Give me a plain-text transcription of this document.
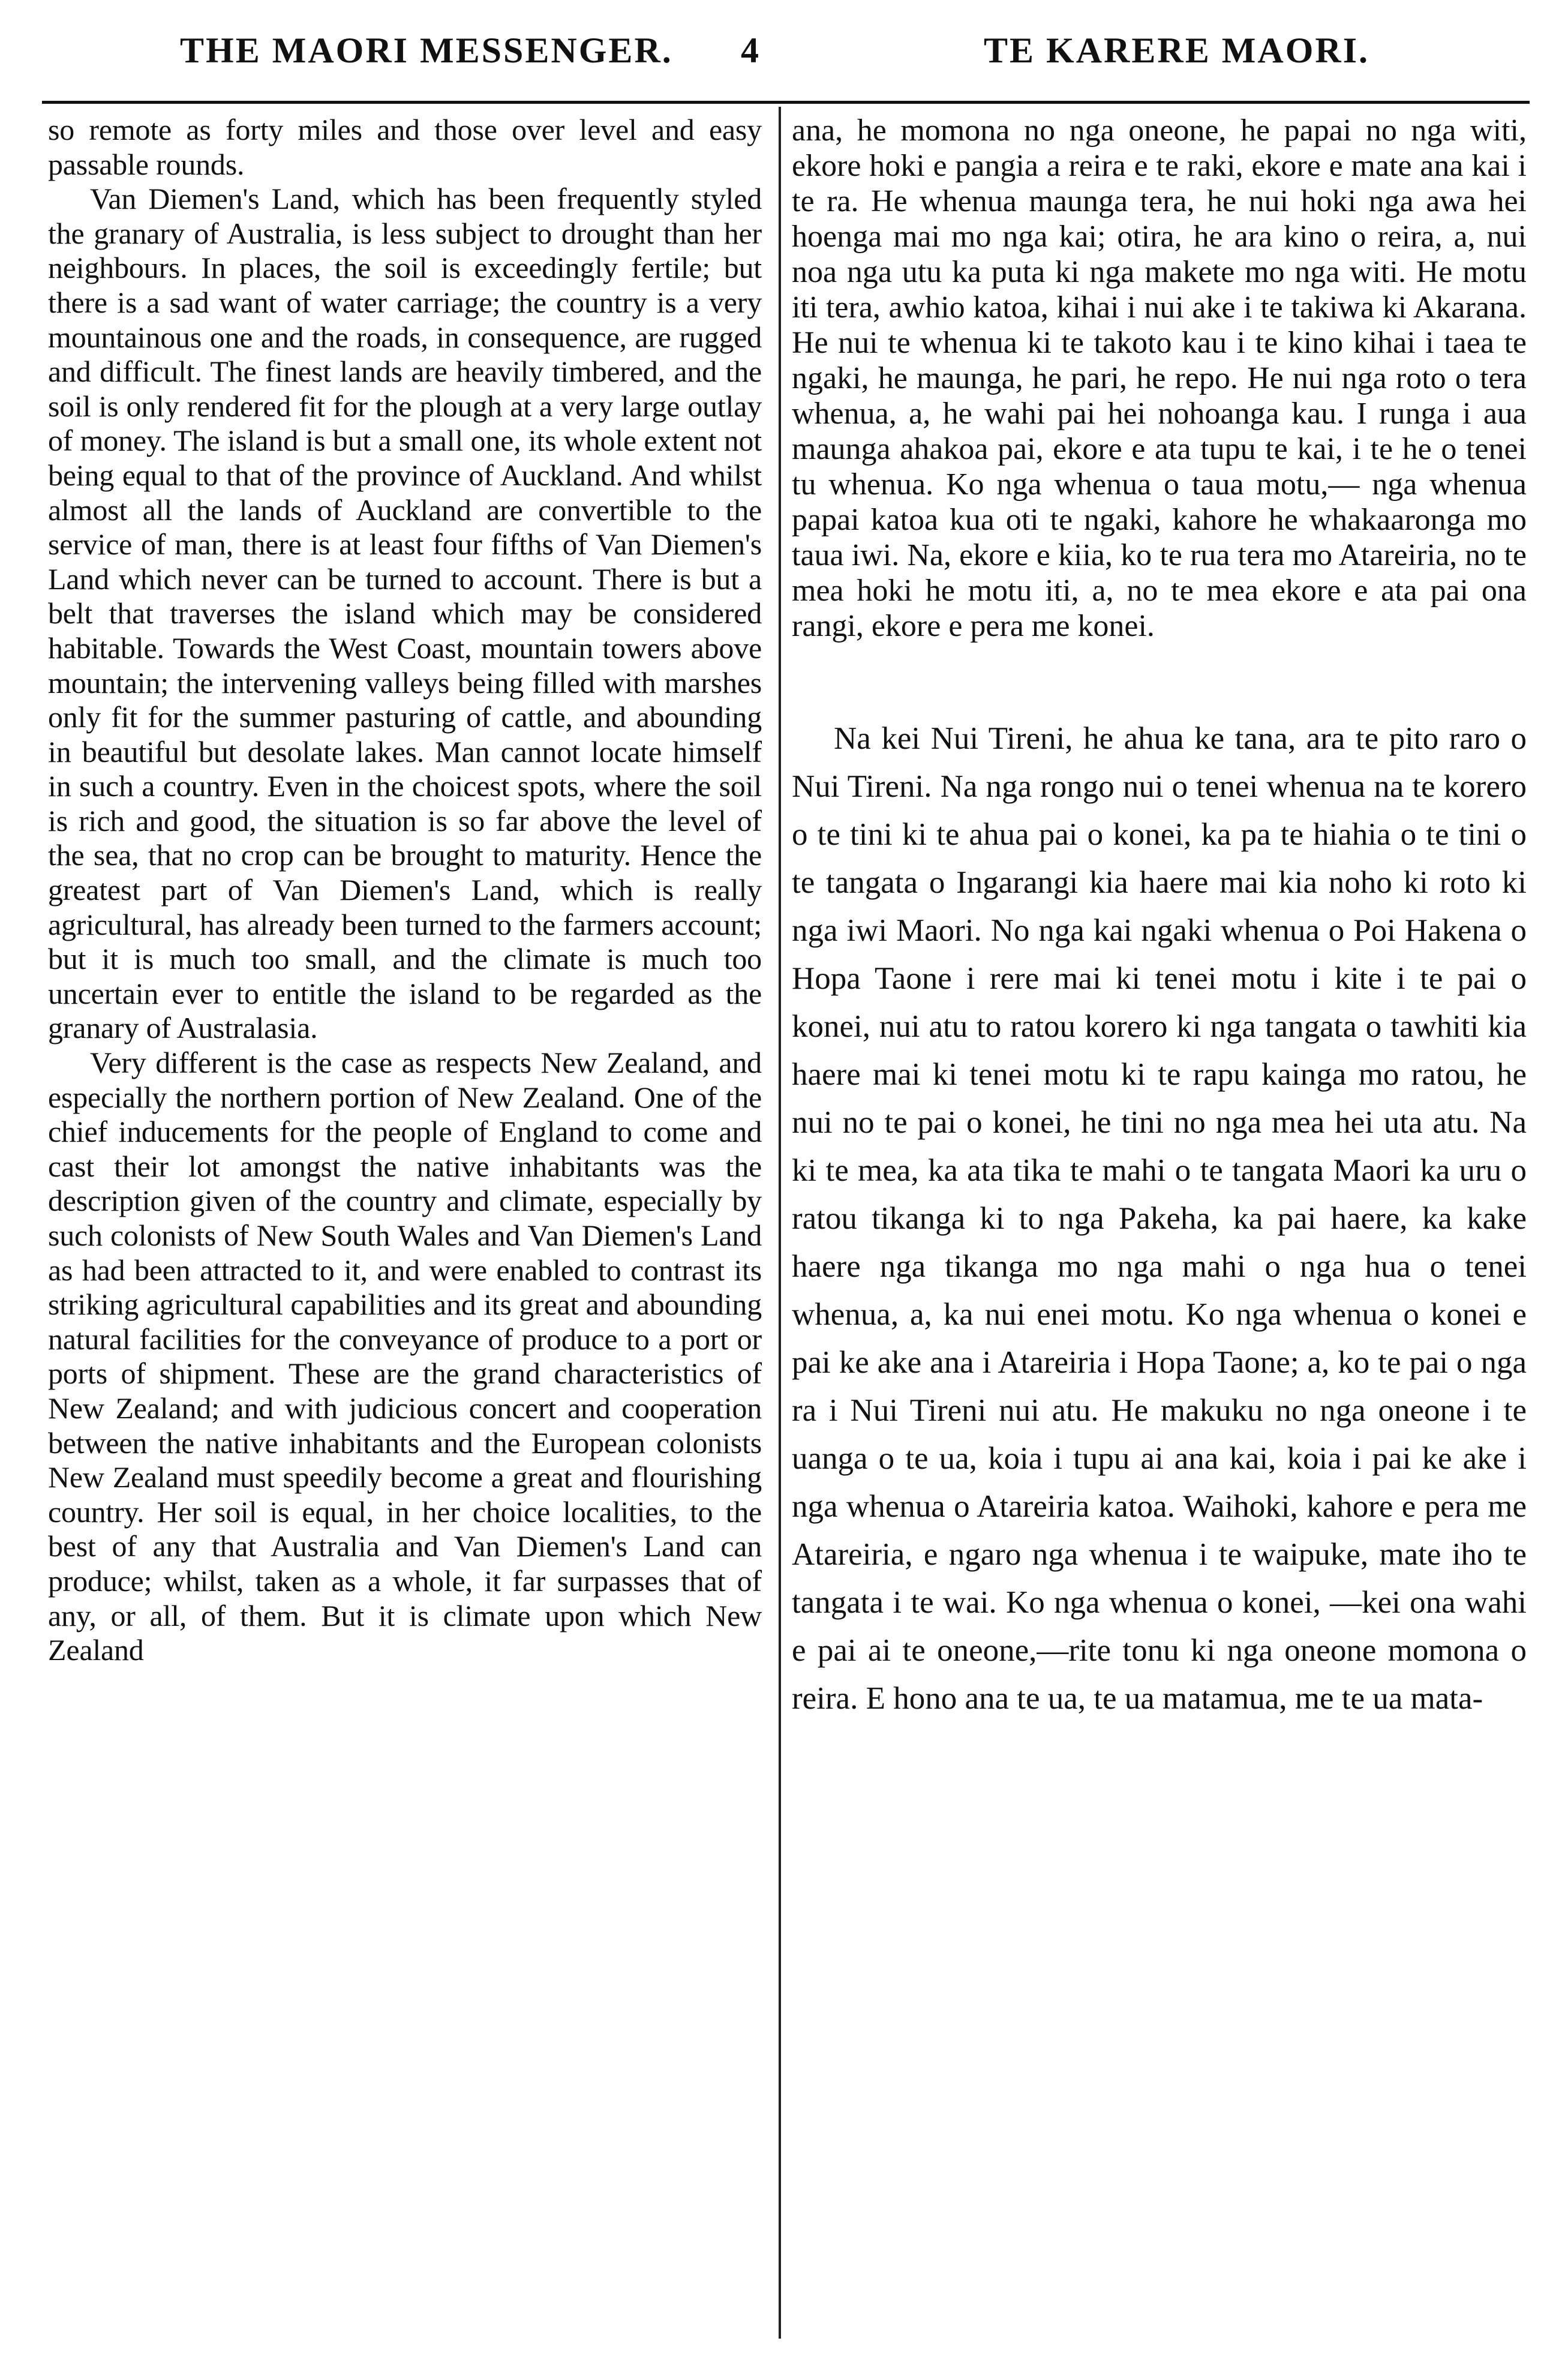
THE MAORI MESSENGER. 4	TE KARERE MAORI.

so remote as forty miles and those over level and easy passable rounds.

Van Diemen's Land, which has been frequently styled the granary of Australia, is less subject to drought than her neighbours. In places, the soil is exceedingly fertile; but there is a sad want of water carriage; the country is a very mountainous one and the roads, in consequence, are rugged and difficult. The finest lands are heavily timbered, and the soil is only rendered fit for the plough at a very large outlay of money. The island is but a small one, its whole extent not being equal to that of the province of Auckland. And whilst almost all the lands of Auckland are convertible to the service of man, there is at least four fifths of Van Diemen's Land which never can be turned to account. There is but a belt that traverses the island which may be considered habitable. Towards the West Coast, mountain towers above mountain; the intervening valleys being filled with marshes only fit for the summer pasturing of cattle, and abounding in beautiful but desolate lakes. Man cannot locate himself in such a country. Even in the choicest spots, where the soil is rich and good, the situation is so far above the level of the sea, that no crop can be brought to maturity. Hence the greatest part of Van Diemen's Land, which is really agricultural, has already been turned to the farmers account; but it is much too small, and the climate is much too uncertain ever to entitle the island to be regarded as the granary of Australasia.

Very different is the case as respects New Zealand, and especially the northern portion of New Zealand. One of the chief inducements for the people of England to come and cast their lot amongst the native inhabitants was the description given of the country and climate, especially by such colonists of New South Wales and Van Diemen's Land as had been attracted to it, and were enabled to contrast its striking agricultural capabilities and its great and abounding natural facilities for the conveyance of produce to a port or ports of shipment. These are the grand characteristics of New Zealand; and with judicious concert and cooperation between the native inhabitants and the European colonists New Zealand must speedily become a great and flourishing country. Her soil is equal, in her choice localities, to the best of any that Australia and Van Diemen's Land can produce; whilst, taken as a whole, it far surpasses that of any, or all, of them. But it is climate upon which New Zealand

ana, he momona no nga oneone, he papai no nga witi, ekore hoki e pangia a reira e te raki, ekore e mate ana kai i te ra. He whenua maunga tera, he nui hoki nga awa hei hoenga mai mo nga kai; otira, he ara kino o reira, a, nui noa nga utu ka puta ki nga makete mo nga witi. He motu iti tera, awhio katoa, kihai i nui ake i te takiwa ki Akarana. He nui te whenua ki te takoto kau i te kino kihai i taea te ngaki, he maunga, he pari, he repo. He nui nga roto o tera whenua, a, he wahi pai hei nohoanga kau. I runga i aua maunga ahakoa pai, ekore e ata tupu te kai, i te he o tenei tu whenua. Ko nga whenua o taua motu,— nga whenua papai katoa kua oti te ngaki, kahore he whakaaronga mo taua iwi. Na, ekore e kiia, ko te rua tera mo Atareiria, no te mea hoki he motu iti, a, no te mea ekore e ata pai ona rangi, ekore e pera me konei.

Na kei Nui Tireni, he ahua ke tana, ara te pito raro o Nui Tireni. Na nga rongo nui o tenei whenua na te korero o te tini ki te ahua pai o konei, ka pa te hiahia o te tini o te tangata o Ingarangi kia haere mai kia noho ki roto ki nga iwi Maori. No nga kai ngaki whenua o Poi Hakena o Hopa Taone i rere mai ki tenei motu i kite i te pai o konei, nui atu to ratou korero ki nga tangata o tawhiti kia haere mai ki tenei motu ki te rapu kainga mo ratou, he nui no te pai o konei, he tini no nga mea hei uta atu. Na ki te mea, ka ata tika te mahi o te tangata Maori ka uru o ratou tikanga ki to nga Pakeha, ka pai haere, ka kake haere nga tikanga mo nga mahi o nga hua o tenei whenua, a, ka nui enei motu. Ko nga whenua o konei e pai ke ake ana i Atareiria i Hopa Taone; a, ko te pai o nga ra i Nui Tireni nui atu. He makuku no nga oneone i te uanga o te ua, koia i tupu ai ana kai, koia i pai ke ake i nga whenua o Atareiria katoa. Waihoki, kahore e pera me Atareiria, e ngaro nga whenua i te waipuke, mate iho te tangata i te wai. Ko nga whenua o konei, —kei ona wahi e pai ai te oneone,—rite tonu ki nga oneone momona o reira. E hono ana te ua, te ua matamua, me te ua mata-
